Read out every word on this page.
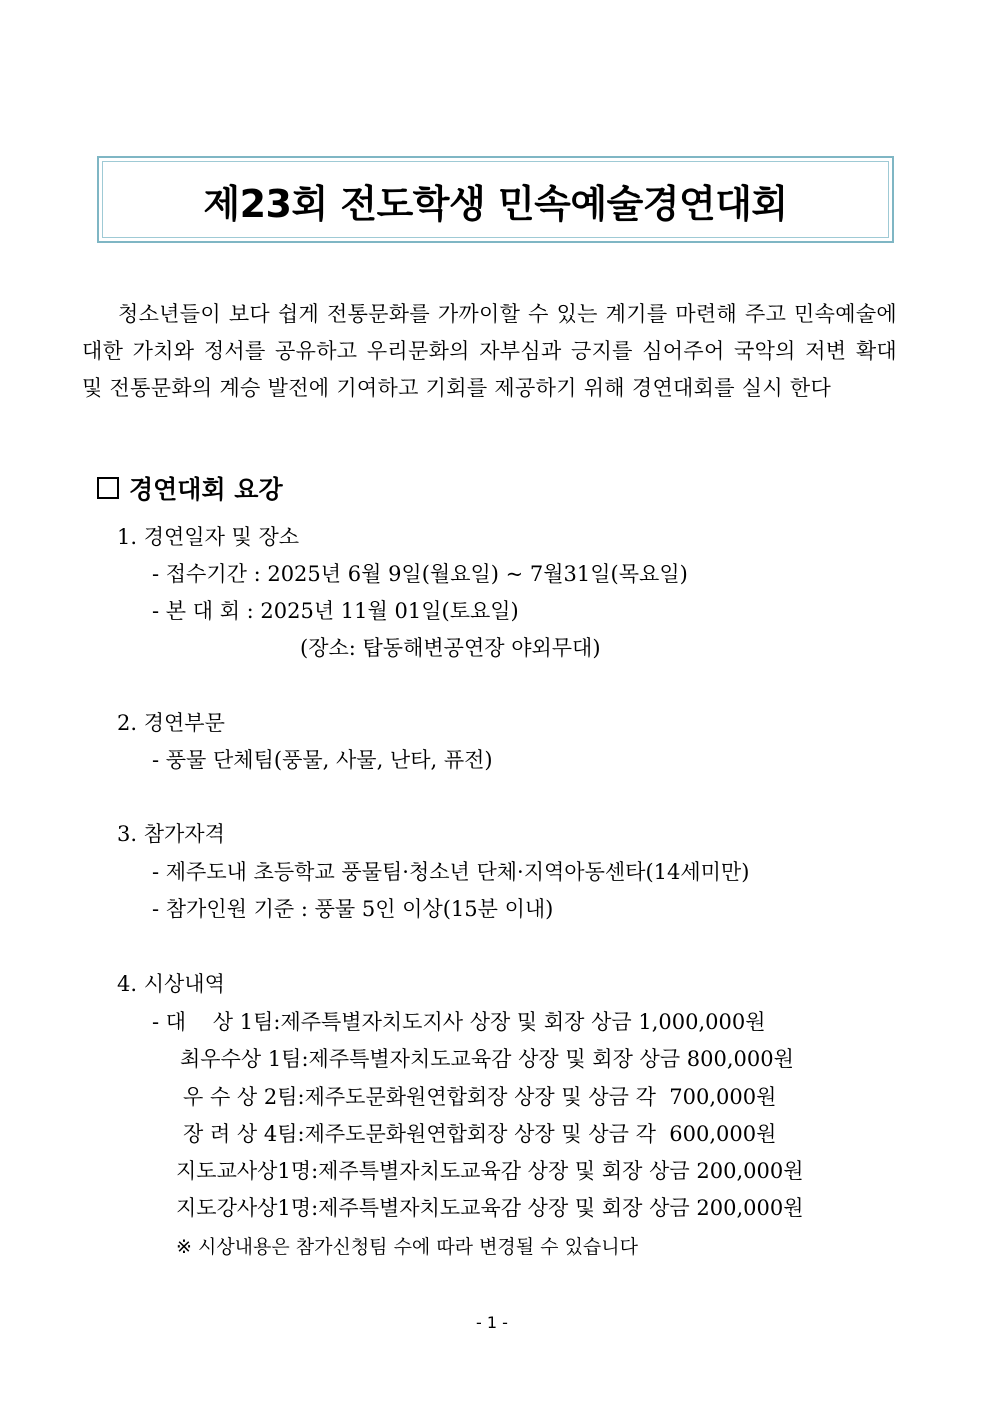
제23회 전도학생 민속예술경연대회
청소년들이 보다 쉽게 전통문화를 가까이할 수 있는 계기를 마련해 주고 민속예술에 대한 가치와 정서를 공유하고 우리문화의 자부심과 긍지를 심어주어 국악의 저변 확대 및 전통문화의 계승 발전에 기여하고 기회를 제공하기 위해 경연대회를 실시 한다
경연대회 요강
1. 경연일자 및 장소
- 접수기간 : 2025년 6월 9일(월요일) ~ 7월31일(목요일)
- 본 대 회 : 2025년 11월 01일(토요일)
(장소: 탑동해변공연장 야외무대)
2. 경연부문
- 풍물 단체팀(풍물, 사물, 난타, 퓨전)
3. 참가자격
- 제주도내 초등학교 풍물팀·청소년 단체·지역아동센타(14세미만)
- 참가인원 기준 : 풍물 5인 이상(15분 이내)
4. 시상내역
- 대    상 1팀:제주특별자치도지사 상장 및 회장 상금 1,000,000원
최우수상 1팀:제주특별자치도교육감 상장 및 회장 상금 800,000원
우 수 상 2팀:제주도문화원연합회장 상장 및 상금 각  700,000원
장 려 상 4팀:제주도문화원연합회장 상장 및 상금 각  600,000원
지도교사상1명:제주특별자치도교육감 상장 및 회장 상금 200,000원
지도강사상1명:제주특별자치도교육감 상장 및 회장 상금 200,000원
※ 시상내용은 참가신청팀 수에 따라 변경될 수 있습니다
- 1 -
